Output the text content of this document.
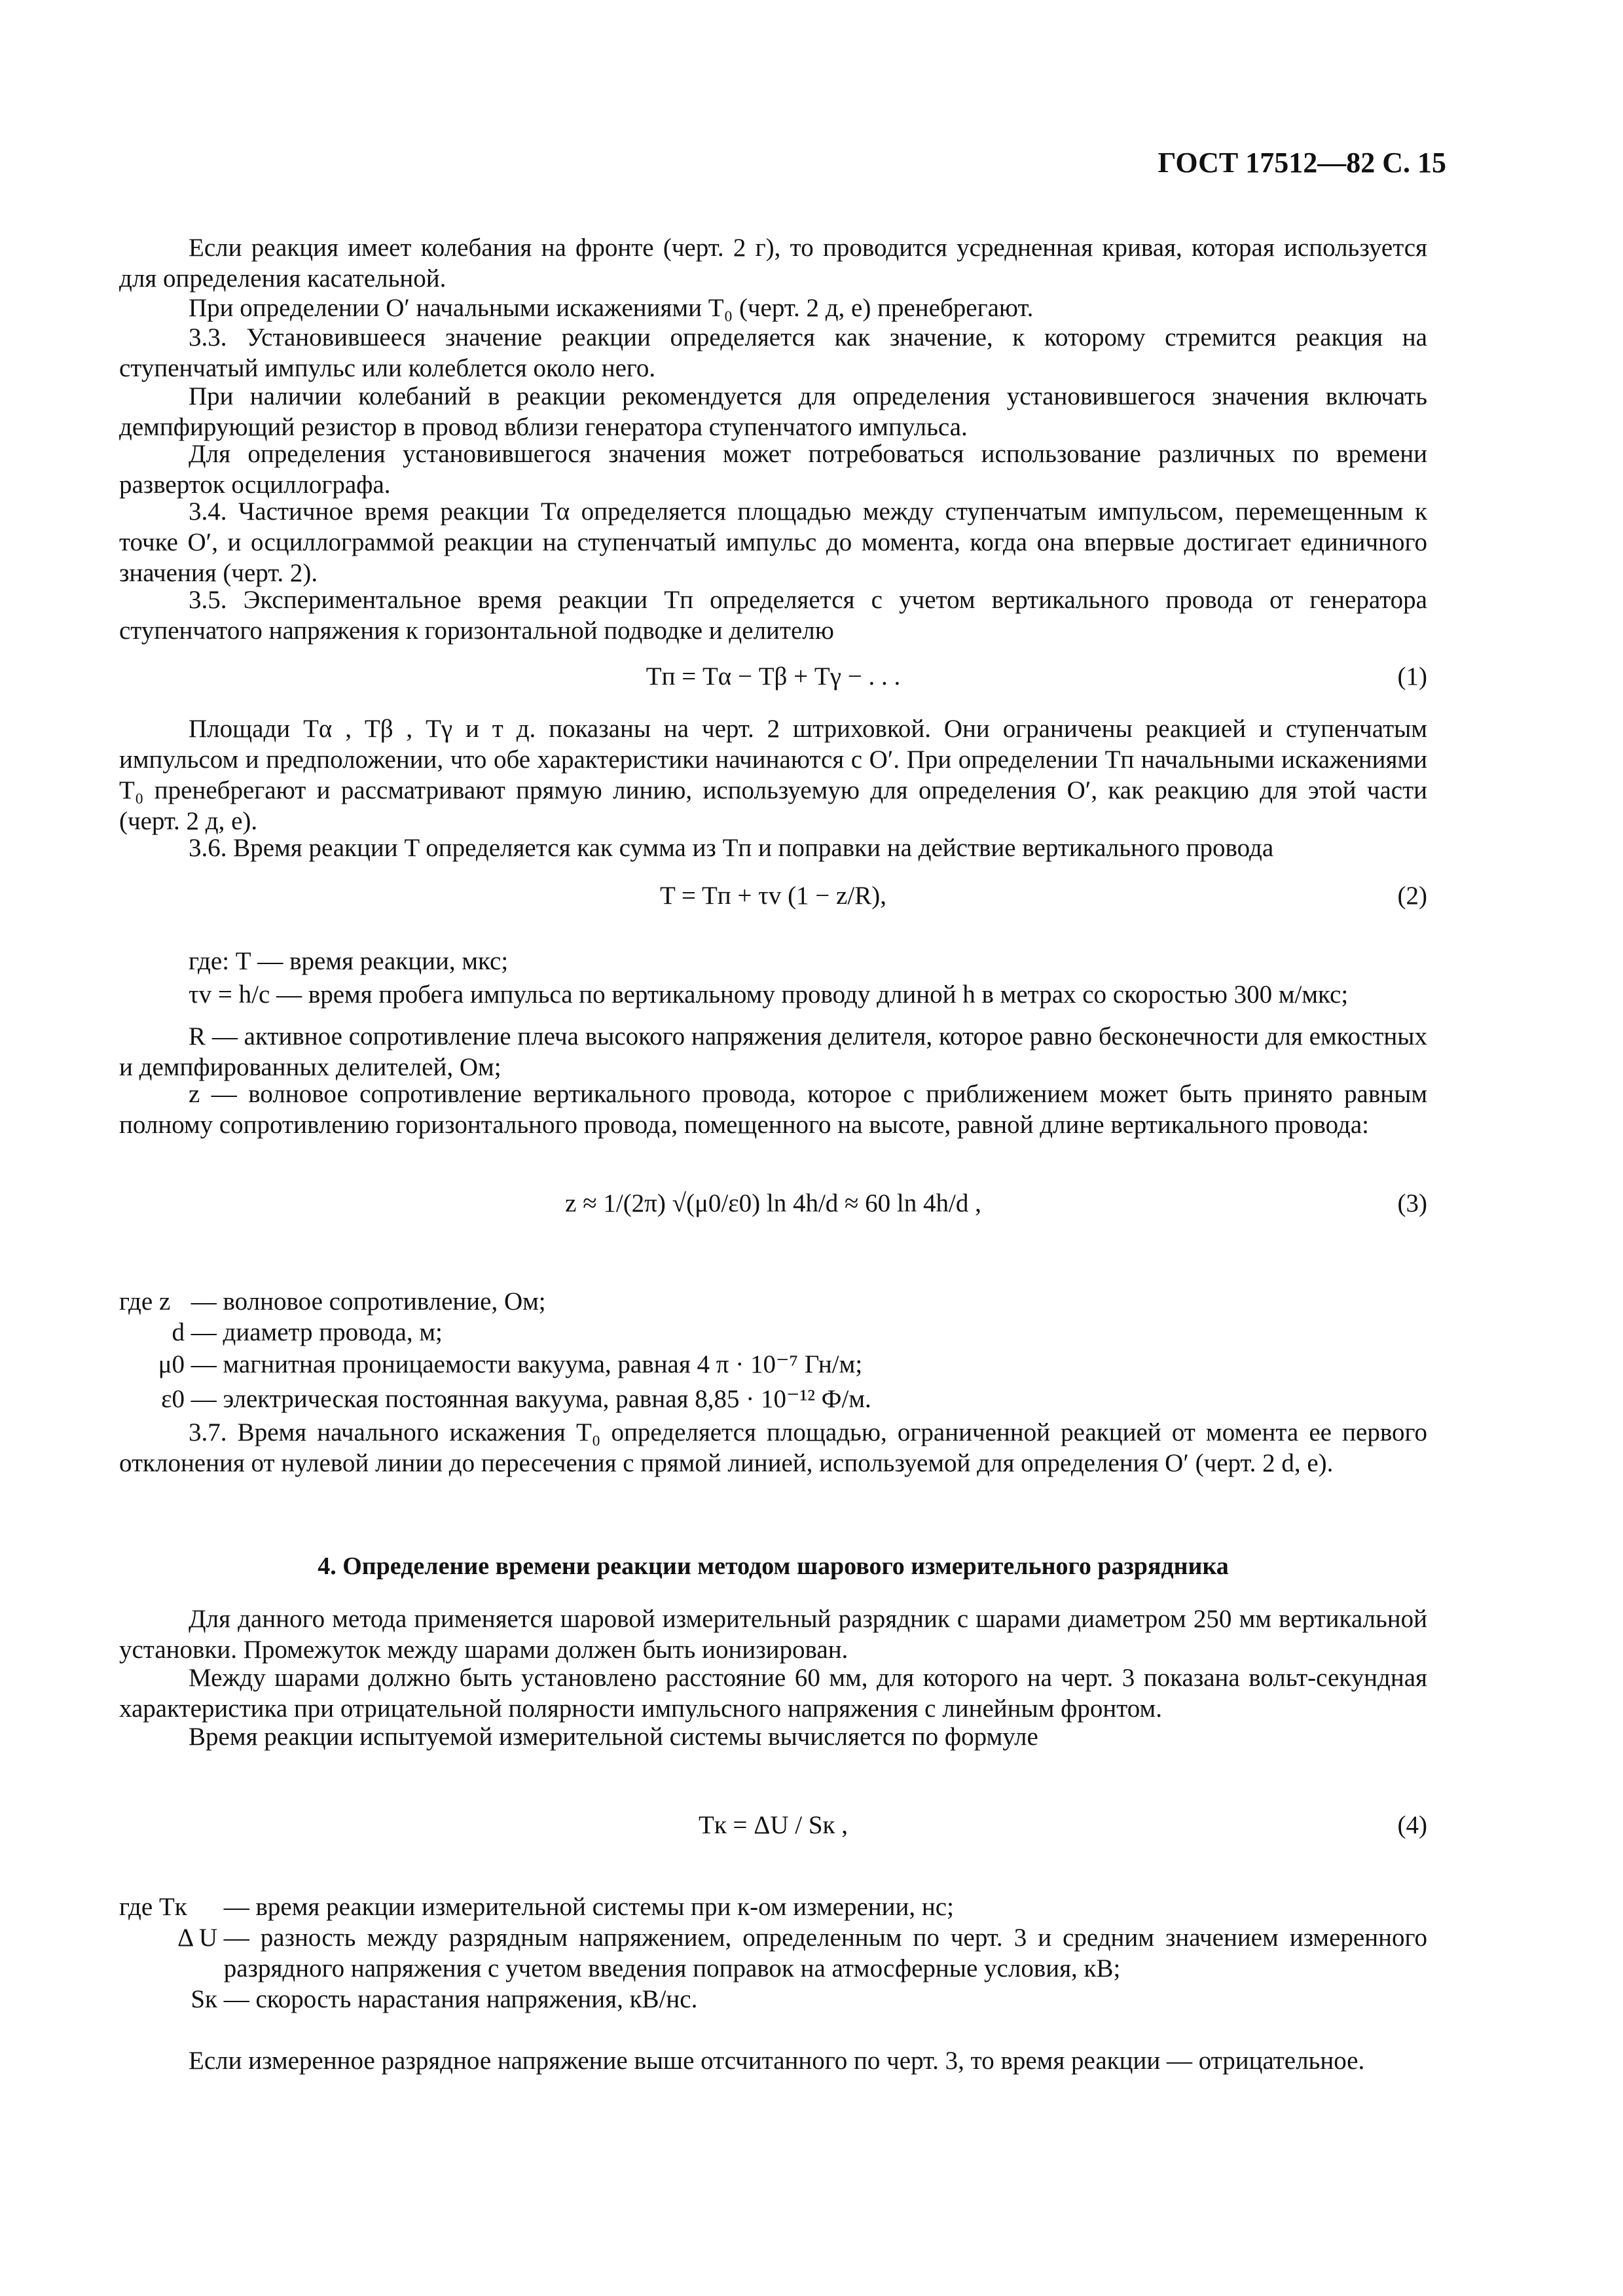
ГОСТ 17512—82 С. 15

Если реакция имеет колебания на фронте (черт. 2 г), то проводится усредненная кривая, которая используется для определения касательной.

При определении O′ начальными искажениями T₀ (черт. 2 д, е) пренебрегают.

3.3. Установившееся значение реакции определяется как значение, к которому стремится реакция на ступенчатый импульс или колеблется около него.

При наличии колебаний в реакции рекомендуется для определения установившегося значения включать демпфирующий резистор в провод вблизи генератора ступенчатого импульса.

Для определения установившегося значения может потребоваться использование различных по времени разверток осциллографа.

3.4. Частичное время реакции Tα определяется площадью между ступенчатым импульсом, перемещенным к точке O′, и осциллограммой реакции на ступенчатый импульс до момента, когда она впервые достигает единичного значения (черт. 2).

3.5. Экспериментальное время реакции Tп определяется с учетом вертикального провода от генератора ступенчатого напряжения к горизонтальной подводке и делителю

Tп = Tα − Tβ + Tγ − . . .	(1)

Площади Tα , Tβ , Tγ и т д. показаны на черт. 2 штриховкой. Они ограничены реакцией и ступенчатым импульсом и предположении, что обе характеристики начинаются с O′. При определении Tп начальными искажениями T₀ пренебрегают и рассматривают прямую линию, используемую для определения O′, как реакцию для этой части (черт. 2 д, е).

3.6. Время реакции T определяется как сумма из Tп и поправки на действие вертикального провода

T = Tп + τv (1 − z/R),	(2)
где: T
— время реакции, мкс;
τv = h/c
— время пробега импульса по вертикальному проводу длиной h в метрах со скоростью 300 м/мкс;

R — активное сопротивление плеча высокого напряжения делителя, которое равно бесконечности для емкостных и демпфированных делителей, Ом;

z — волновое сопротивление вертикального провода, которое с приближением может быть принято равным полному сопротивлению горизонтального провода, помещенного на высоте, равной длине вертикального провода:

z ≈ 1/(2π) √(μ0/ε0) ln 4h/d ≈ 60 ln 4h/d ,	(3)
где z
— волновое сопротивление, Ом;
d
— диаметр провода, м;
μ0
— магнитная проницаемости вакуума, равная 4 π · 10⁻⁷ Гн/м;
ε0
— электрическая постоянная вакуума, равная 8,85 · 10⁻¹² Ф/м.

3.7. Время начального искажения T₀ определяется площадью, ограниченной реакцией от момента ее первого отклонения от нулевой линии до пересечения с прямой линией, используемой для определения O′ (черт. 2 d, e).

4. Определение времени реакции методом шарового измерительного разрядника

Для данного метода применяется шаровой измерительный разрядник с шарами диаметром 250 мм вертикальной установки. Промежуток между шарами должен быть ионизирован.

Между шарами должно быть установлено расстояние 60 мм, для которого на черт. 3 показана вольт-секундная характеристика при отрицательной полярности импульсного напряжения с линейным фронтом.

Время реакции испытуемой измерительной системы вычисляется по формуле

Tк = ΔU / Sк ,	(4)
где Tк
	— время реакции измерительной системы при к-ом измерении, нс;
Δ U
— разность между разрядным напряжением, определенным по черт. 3 и средним значением измеренного разрядного напряжения с учетом введения поправок на атмосферные условия, кВ;
Sк
— скорость нарастания напряжения, кВ/нс.

Если измеренное разрядное напряжение выше отсчитанного по черт. 3, то время реакции — отрицательное.
